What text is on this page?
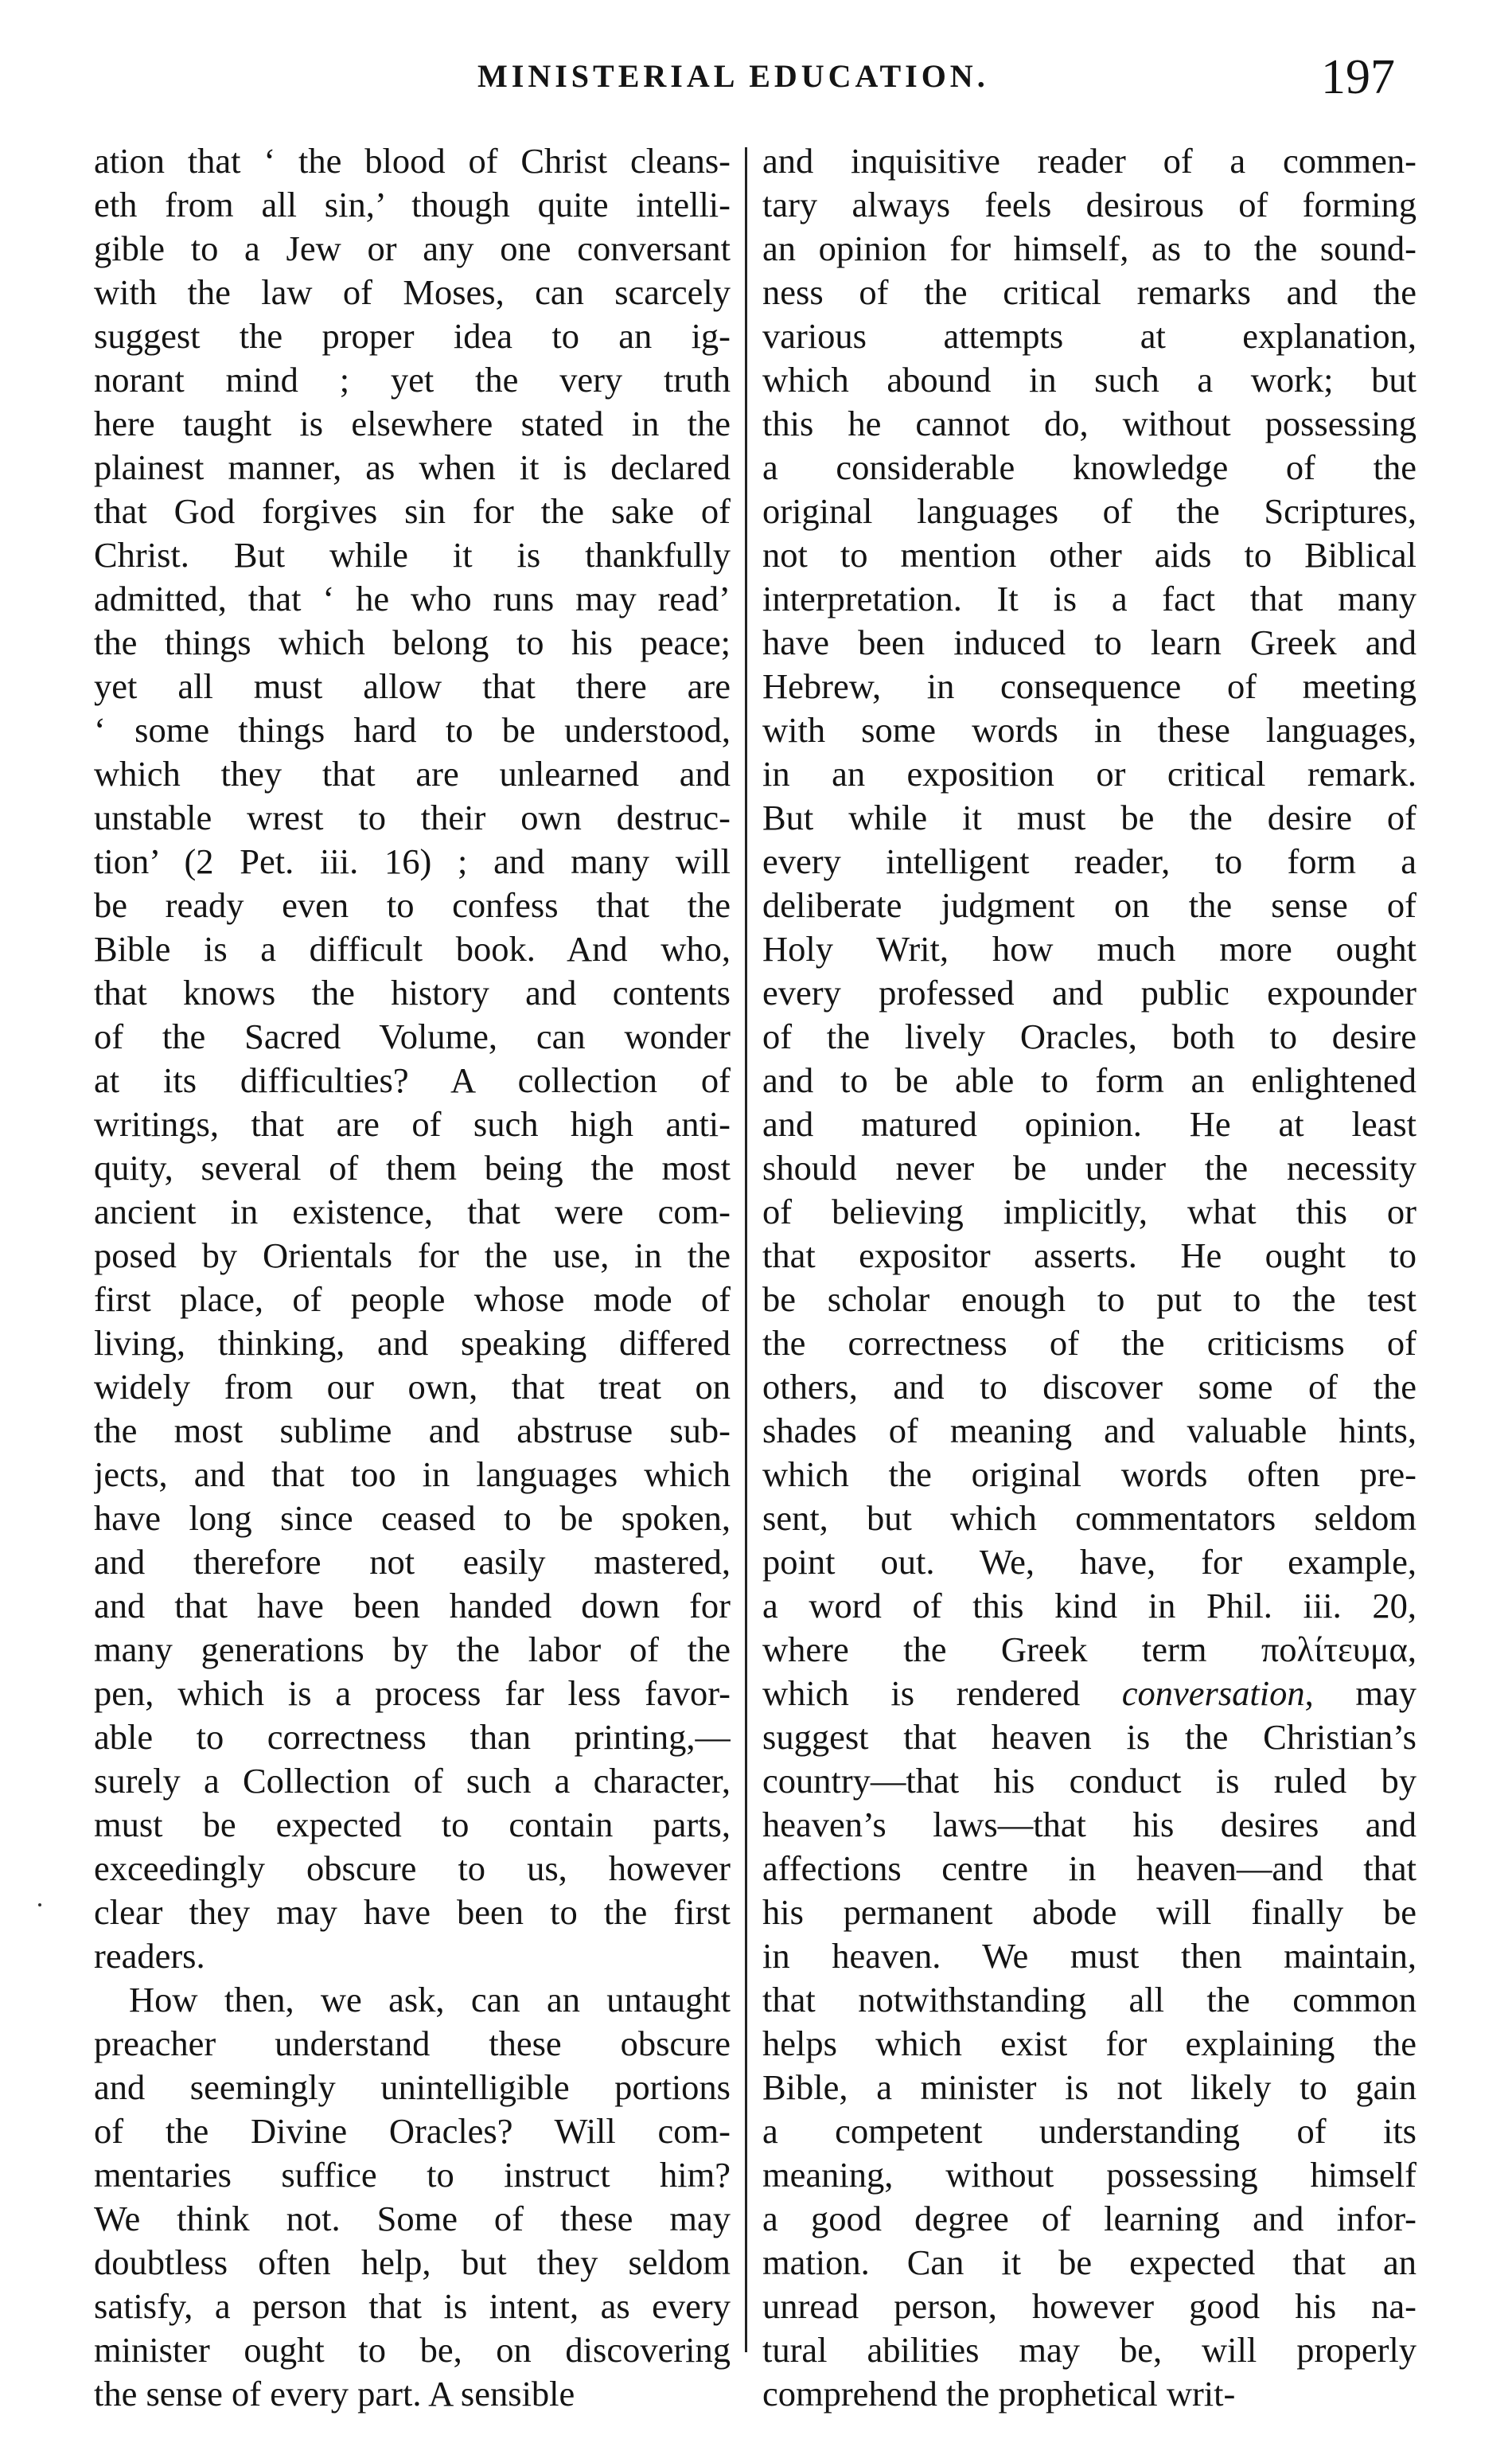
MINISTERIAL EDUCATION.	197
ation that ‘ the blood of Christ cleans-
eth from all sin,’ though quite intelli-
gible to a Jew or any one conversant
with the law of Moses, can scarcely
suggest the proper idea to an ig-
norant mind ; yet the very truth
here taught is elsewhere stated in the
plainest manner, as when it is declared
that God forgives sin for the sake of
Christ. But while it is thankfully
admitted, that ‘ he who runs may read’
the things which belong to his peace;
yet all must allow that there are
‘ some things hard to be understood,
which they that are unlearned and
unstable wrest to their own destruc-
tion’ (2 Pet. iii. 16) ; and many will
be ready even to confess that the
Bible is a difficult book. And who,
that knows the history and contents
of the Sacred Volume, can wonder
at its difficulties? A collection of
writings, that are of such high anti-
quity, several of them being the most
ancient in existence, that were com-
posed by Orientals for the use, in the
first place, of people whose mode of
living, thinking, and speaking differed
widely from our own, that treat on
the most sublime and abstruse sub-
jects, and that too in languages which
have long since ceased to be spoken,
and therefore not easily mastered,
and that have been handed down for
many generations by the labor of the
pen, which is a process far less favor-
able to correctness than printing,—
surely a Collection of such a character,
must be expected to contain parts,
exceedingly obscure to us, however
clear they may have been to the first
readers.
How then, we ask, can an untaught
preacher understand these obscure
and seemingly unintelligible portions
of the Divine Oracles? Will com-
mentaries suffice to instruct him?
We think not. Some of these may
doubtless often help, but they seldom
satisfy, a person that is intent, as every
minister ought to be, on discovering
the sense of every part. A sensible
and inquisitive reader of a commen-
tary always feels desirous of forming
an opinion for himself, as to the sound-
ness of the critical remarks and the
various attempts at explanation,
which abound in such a work; but
this he cannot do, without possessing
a considerable knowledge of the
original languages of the Scriptures,
not to mention other aids to Biblical
interpretation. It is a fact that many
have been induced to learn Greek and
Hebrew, in consequence of meeting
with some words in these languages,
in an exposition or critical remark.
But while it must be the desire of
every intelligent reader, to form a
deliberate judgment on the sense of
Holy Writ, how much more ought
every professed and public expounder
of the lively Oracles, both to desire
and to be able to form an enlightened
and matured opinion. He at least
should never be under the necessity
of believing implicitly, what this or
that expositor asserts. He ought to
be scholar enough to put to the test
the correctness of the criticisms of
others, and to discover some of the
shades of meaning and valuable hints,
which the original words often pre-
sent, but which commentators seldom
point out. We, have, for example,
a word of this kind in Phil. iii. 20,
where the Greek term πολίτευμα,
which is rendered conversation, may
suggest that heaven is the Christian’s
country—that his conduct is ruled by
heaven’s laws—that his desires and
affections centre in heaven—and that
his permanent abode will finally be
in heaven. We must then maintain,
that notwithstanding all the common
helps which exist for explaining the
Bible, a minister is not likely to gain
a competent understanding of its
meaning, without possessing himself
a good degree of learning and infor-
mation. Can it be expected that an
unread person, however good his na-
tural abilities may be, will properly
comprehend the prophetical writ-
